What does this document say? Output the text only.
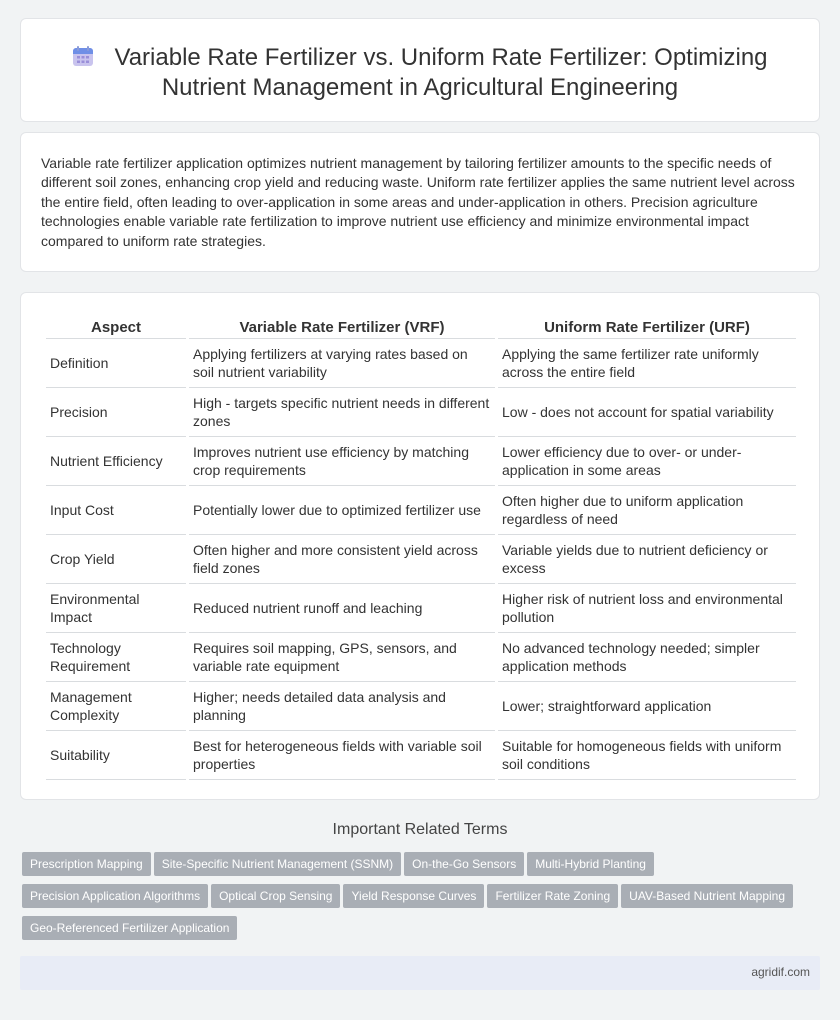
Variable Rate Fertilizer vs. Uniform Rate Fertilizer: Optimizing Nutrient Management in Agricultural Engineering

Variable rate fertilizer application optimizes nutrient management by tailoring fertilizer amounts to the specific needs of different soil zones, enhancing crop yield and reducing waste. Uniform rate fertilizer applies the same nutrient level across the entire field, often leading to over-application in some areas and under-application in others. Precision agriculture technologies enable variable rate fertilization to improve nutrient use efficiency and minimize environmental impact compared to uniform rate strategies.

Aspect	Variable Rate Fertilizer (VRF)	Uniform Rate Fertilizer (URF)
Definition	Applying fertilizers at varying rates based on soil nutrient variability	Applying the same fertilizer rate uniformly across the entire field
Precision	High - targets specific nutrient needs in different zones	Low - does not account for spatial variability
Nutrient Efficiency	Improves nutrient use efficiency by matching crop requirements	Lower efficiency due to over- or under-application in some areas
Input Cost	Potentially lower due to optimized fertilizer use	Often higher due to uniform application regardless of need
Crop Yield	Often higher and more consistent yield across field zones	Variable yields due to nutrient deficiency or excess
Environmental Impact	Reduced nutrient runoff and leaching	Higher risk of nutrient loss and environmental pollution
Technology Requirement	Requires soil mapping, GPS, sensors, and variable rate equipment	No advanced technology needed; simpler application methods
Management Complexity	Higher; needs detailed data analysis and planning	Lower; straightforward application
Suitability	Best for heterogeneous fields with variable soil properties	Suitable for homogeneous fields with uniform soil conditions
Important Related Terms
Prescription Mapping Site-Specific Nutrient Management (SSNM) On-the-Go Sensors Multi-Hybrid PlantingPrecision Application Algorithms Optical Crop Sensing Yield Response Curves Fertilizer Rate Zoning UAV-Based Nutrient MappingGeo-Referenced Fertilizer Application
agridif.com
